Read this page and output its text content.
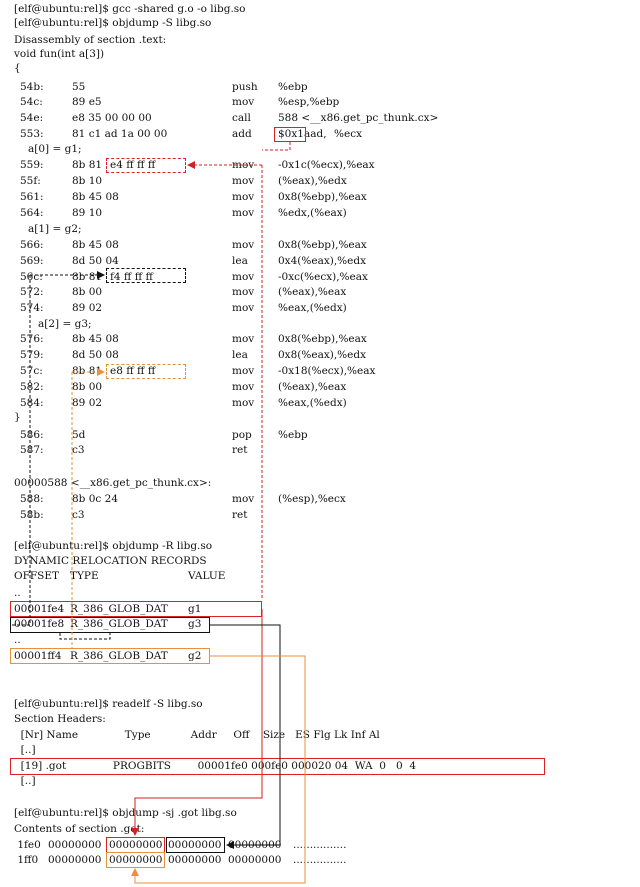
[elf@ubuntu:rel]$ gcc -shared g.o -o libg.so
[elf@ubuntu:rel]$ objdump -S libg.so
Disassembly of section .text:
void fun(int a[3])
{
54b:	55	push %ebp
54c:	89 e5	mov %esp,%ebp
54e:	e8 35 00 00 00	call	588 <__x86.get_pc_thunk.cx>
553:	81 c1 ad 1a 00 00	add	$0x1aad, %ecx
559:	8b 81 e4 ff ff ff	mov -0x1c(%ecx),%eax
55f:	8b 10	mov (%eax),%edx
561:	8b 45 08	mov 0x8(%ebp),%eax
564:	89 10	mov %edx,(%eax)
566:	8b 45 08	mov 0x8(%ebp),%eax
569:	8d 50 04	lea	0x4(%eax),%edx
56c:	8b 81 f4 ff ff ff	mov -0xc(%ecx),%eax
572:	8b 00	mov (%eax),%eax
574:	89 02	mov %eax,(%edx)
576:	8b 45 08	mov 0x8(%ebp),%eax
579:	8d 50 08	lea	0x8(%eax),%edx
57c:	8b 81 e8 ff ff ff	mov -0x18(%ecx),%eax
582:	8b 00	mov (%eax),%eax
584:	89 02	mov %eax,(%edx)
586:	5d	pop %ebp
587:	c3	ret
588:	8b 0c 24	mov (%esp),%ecx
58b:	c3	ret
a[0] = g1;
a[1] = g2;
a[2] = g3;
}
00000588 <__x86.get_pc_thunk.cx>:
[elf@ubuntu:rel]$ objdump -R libg.so
DYNAMIC RELOCATION RECORDS
OFFSET TYPE	VALUE
..
00001fe4 R_386_GLOB_DAT g1
00001fe8 R_386_GLOB_DAT g3
..
00001ff4 R_386_GLOB_DAT g2
[elf@ubuntu:rel]$ readelf -S libg.so
Section Headers:
[Nr] Name              Type            Addr     Off    Size   ES Flg Lk Inf Al
[..]
[19] .got              PROGBITS        00001fe0 000fe0 000020 04  WA  0   0  4
[..]
[elf@ubuntu:rel]$ objdump -sj .got libg.so
Contents of section .got:
1fe0 00000000 00000000 00000000 00000000 ................
1ff0 00000000 00000000 00000000 00000000 ................
